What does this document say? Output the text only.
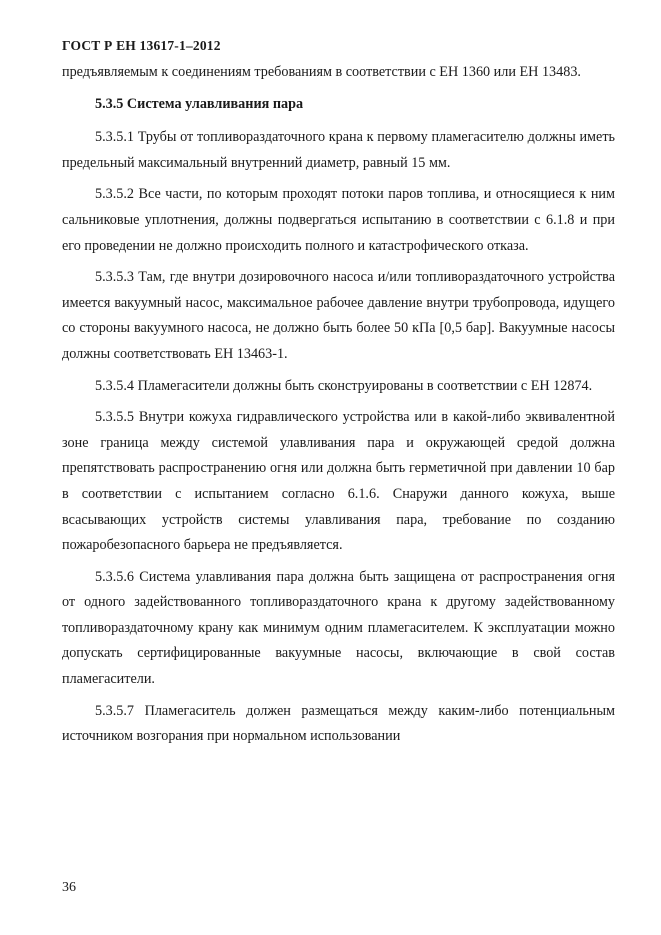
ГОСТ Р ЕН 13617-1–2012

предъявляемым к соединениям требованиям в соответствии с ЕН 1360 или ЕН 13483.

5.3.5 Система улавливания пара

5.3.5.1 Трубы от топливораздаточного крана к первому пламегасителю должны иметь предельный максимальный внутренний диаметр, равный 15 мм.

5.3.5.2 Все части, по которым проходят потоки паров топлива, и относящиеся к ним сальниковые уплотнения, должны подвергаться испытанию в соответствии с 6.1.8 и при его проведении не должно происходить полного и катастрофического отказа.

5.3.5.3 Там, где внутри дозировочного насоса и/или топливораздаточного устройства имеется вакуумный насос, максимальное рабочее давление внутри трубопровода, идущего со стороны вакуумного насоса, не должно быть более 50 кПа [0,5 бар]. Вакуумные насосы должны соответствовать ЕН 13463-1.

5.3.5.4 Пламегасители должны быть сконструированы в соответствии с ЕН 12874.

5.3.5.5 Внутри кожуха гидравлического устройства или в какой-либо эквивалентной зоне граница между системой улавливания пара и окружающей средой должна препятствовать распространению огня или должна быть герметичной при давлении 10 бар в соответствии с испытанием согласно 6.1.6. Снаружи данного кожуха, выше всасывающих устройств системы улавливания пара, требование по созданию пожаробезопасного барьера не предъявляется.

5.3.5.6 Система улавливания пара должна быть защищена от распространения огня от одного задействованного топливораздаточного крана к другому задействованному топливораздаточному крану как минимум одним пламегасителем. К эксплуатации можно допускать сертифицированные вакуумные насосы, включающие в свой состав пламегасители.

5.3.5.7 Пламегаситель должен размещаться между каким-либо потенциальным источником возгорания при нормальном использовании

36
